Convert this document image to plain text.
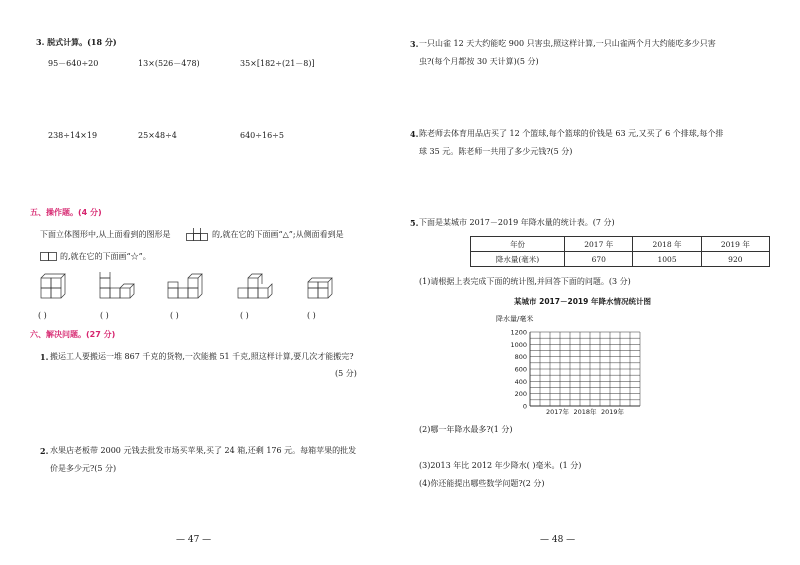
3. 脱式计算。(18 分)
95－640÷20	13×(526－478)	35×[182÷(21－8)]
238÷14×19	25×48÷4	640÷16÷5
五、操作题。(4 分)
下面立体图形中,从上面看到的图形是	的,就在它的下面画“△”;从侧面看到是
的,就在它的下面画“☆”。
( )	( )	( )	( )	( )
六、解决问题。(27 分)
1. 搬运工人要搬运一堆 867 千克的货物,一次能搬 51 千克,照这样计算,要几次才能搬完?
(5 分)
2. 水果店老板带 2000 元钱去批发市场买苹果,买了 24 箱,还剩 176 元。每箱苹果的批发
价是多少元?(5 分)
— 47 —
3. 一只山雀 12 天大约能吃 900 只害虫,照这样计算,一只山雀两个月大约能吃多少只害
虫?(每个月都按 30 天计算)(5 分)
4. 陈老师去体育用品店买了 12 个篮球,每个篮球的价钱是 63 元,又买了 6 个排球,每个排
球 35 元。陈老师一共用了多少元钱?(5 分)
5. 下面是某城市 2017－2019 年降水量的统计表。(7 分)
年份	2017 年	2018 年	2019 年
降水量(毫米)	670	1005	920
(1)请根据上表完成下面的统计图,并回答下面的问题。(3 分)
某城市 2017－2019 年降水情况统计图
降水量/毫米
0
200
400
600
800
1000
1200
2017年 2018年 2019年
(2)哪一年降水最多?(1 分)
(3)2013 年比 2012 年少降水( )毫米。(1 分)
(4)你还能提出哪些数学问题?(2 分)
— 48 —
